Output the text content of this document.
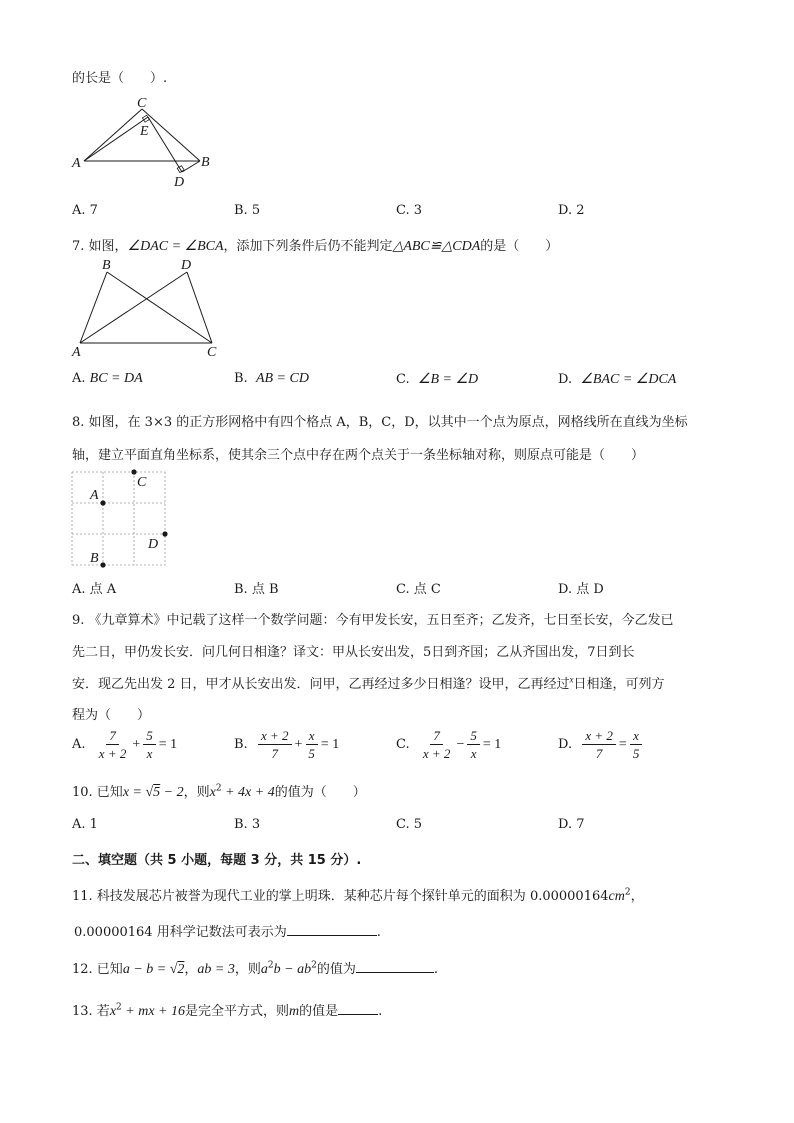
的长是（　　）.
C
E
A	B
D
A. 7	B. 5	C. 3	D. 2
7. 如图，∠DAC = ∠BCA，添加下列条件后仍不能判定△ABC≌△CDA的是（　　）
B	D
A	C
A. BC = DA	B. AB = CD	C. ∠B = ∠D	D. ∠BAC = ∠DCA
8. 如图，在 3×3 的正方形网格中有四个格点 A，B，C，D，以其中一个点为原点，网格线所在直线为坐标
轴，建立平面直角坐标系，使其余三个点中存在两个点关于一条坐标轴对称，则原点可能是（　　）
A
C
D
B
A. 点 A	B. 点 B	C. 点 C	D. 点 D
9. 《九章算术》中记载了这样一个数学问题：今有甲发长安，五日至齐；乙发齐，七日至长安，今乙发已
先二日，甲仍发长安．问几何日相逢？译文：甲从长安出发，5日到齐国；乙从齐国出发，7日到长
安．现乙先出发 2 日，甲才从长安出发．问甲，乙再经过多少日相逢？设甲，乙再经过$^x$日相逢，可列方
程为（　　）
A. $\frac{7}{x + 2} + \frac{5}{x} = 1$	B. $\frac{x + 2}{7} + \frac{x}{5} = 1$	C. $\frac{7}{x + 2} - \frac{5}{x} = 1$	D. $\frac{x + 2}{7} = \frac{x}{5}$
10. 已知x = √5 − 2，则$x^2 + 4x + 4$的值为（　　）
A. 1	B. 3	C. 5	D. 7
二、填空题（共 5 小题，每题 3 分，共 15 分）.
11. 科技发展芯片被誉为现代工业的掌上明珠．某种芯片每个探针单元的面积为 $0.00000164cm^2$，
0.00000164 用科学记数法可表示为	.
12. 已知a − b = √2，ab = 3，则$a^2b - ab^2$的值为	.
13. 若$x^2$ + mx + 16是完全平方式，则m的值是	.
